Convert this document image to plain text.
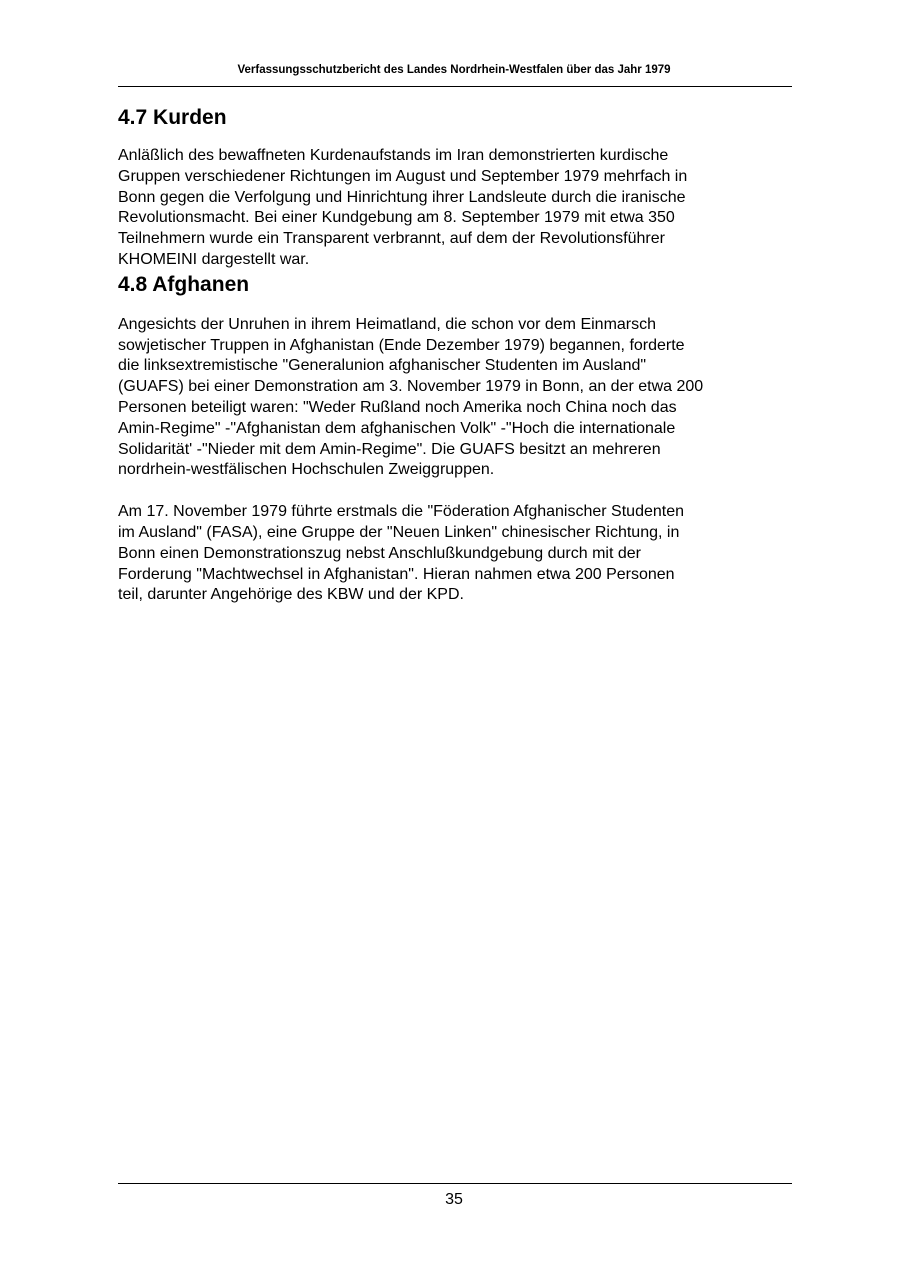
Verfassungsschutzbericht des Landes Nordrhein-Westfalen über das Jahr 1979
4.7 Kurden

Anläßlich des bewaffneten Kurdenaufstands im Iran demonstrierten kurdische
Gruppen verschiedener Richtungen im August und September 1979 mehrfach in
Bonn gegen die Verfolgung und Hinrichtung ihrer Landsleute durch die iranische
Revolutionsmacht. Bei einer Kundgebung am 8. September 1979 mit etwa 350
Teilnehmern wurde ein Transparent verbrannt, auf dem der Revolutionsführer
KHOMEINI dargestellt war.

4.8 Afghanen

Angesichts der Unruhen in ihrem Heimatland, die schon vor dem Einmarsch
sowjetischer Truppen in Afghanistan (Ende Dezember 1979) begannen, forderte
die linksextremistische "Generalunion afghanischer Studenten im Ausland"
(GUAFS) bei einer Demonstration am 3. November 1979 in Bonn, an der etwa 200
Personen beteiligt waren: "Weder Rußland noch Amerika noch China noch das
Amin-Regime" -"Afghanistan dem afghanischen Volk" -"Hoch die internationale
Solidarität' -"Nieder mit dem Amin-Regime". Die GUAFS besitzt an mehreren
nordrhein-westfälischen Hochschulen Zweiggruppen.

Am 17. November 1979 führte erstmals die "Föderation Afghanischer Studenten
im Ausland" (FASA), eine Gruppe der "Neuen Linken" chinesischer Richtung, in
Bonn einen Demonstrationszug nebst Anschlußkundgebung durch mit der
Forderung "Machtwechsel in Afghanistan". Hieran nahmen etwa 200 Personen
teil, darunter Angehörige des KBW und der KPD.

35
